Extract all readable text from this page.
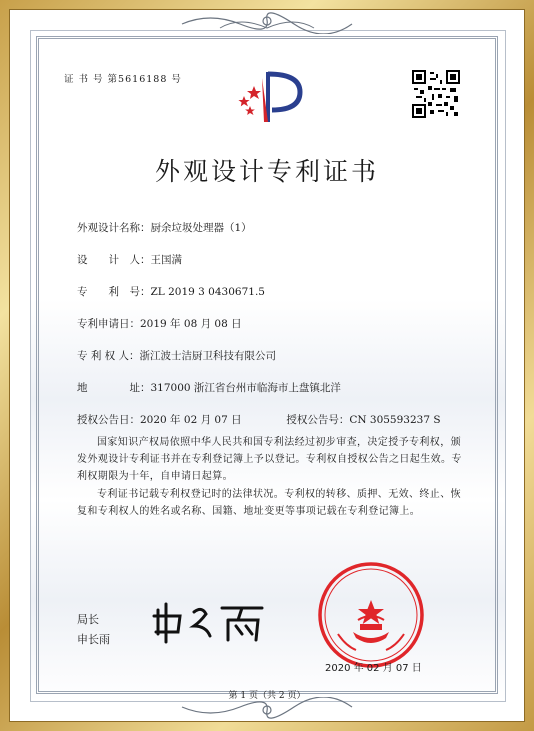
证 书 号 第5616188 号
外观设计专利证书
外观设计名称：厨余垃圾处理器（1）
设　　计　人：王国满
专　　利　号：ZL 2019 3 0430671.5
专利申请日：2019 年 08 月 08 日
专 利 权 人：浙江波士洁厨卫科技有限公司
地　　　　址：317000 浙江省台州市临海市上盘镇北洋
授权公告日：2020 年 02 月 07 日	授权公告号：CN 305593237 S
国家知识产权局依照中华人民共和国专利法经过初步审查，决定授予专利权，颁发外观设计专利证书并在专利登记簿上予以登记。专利权自授权公告之日起生效。专利权期限为十年，自申请日起算。
专利证书记载专利权登记时的法律状况。专利权的转移、质押、无效、终止、恢复和专利权人的姓名或名称、国籍、地址变更等事项记载在专利登记簿上。
局长
申长雨
2020 年 02 月 07 日
第 1 页（共 2 页）
